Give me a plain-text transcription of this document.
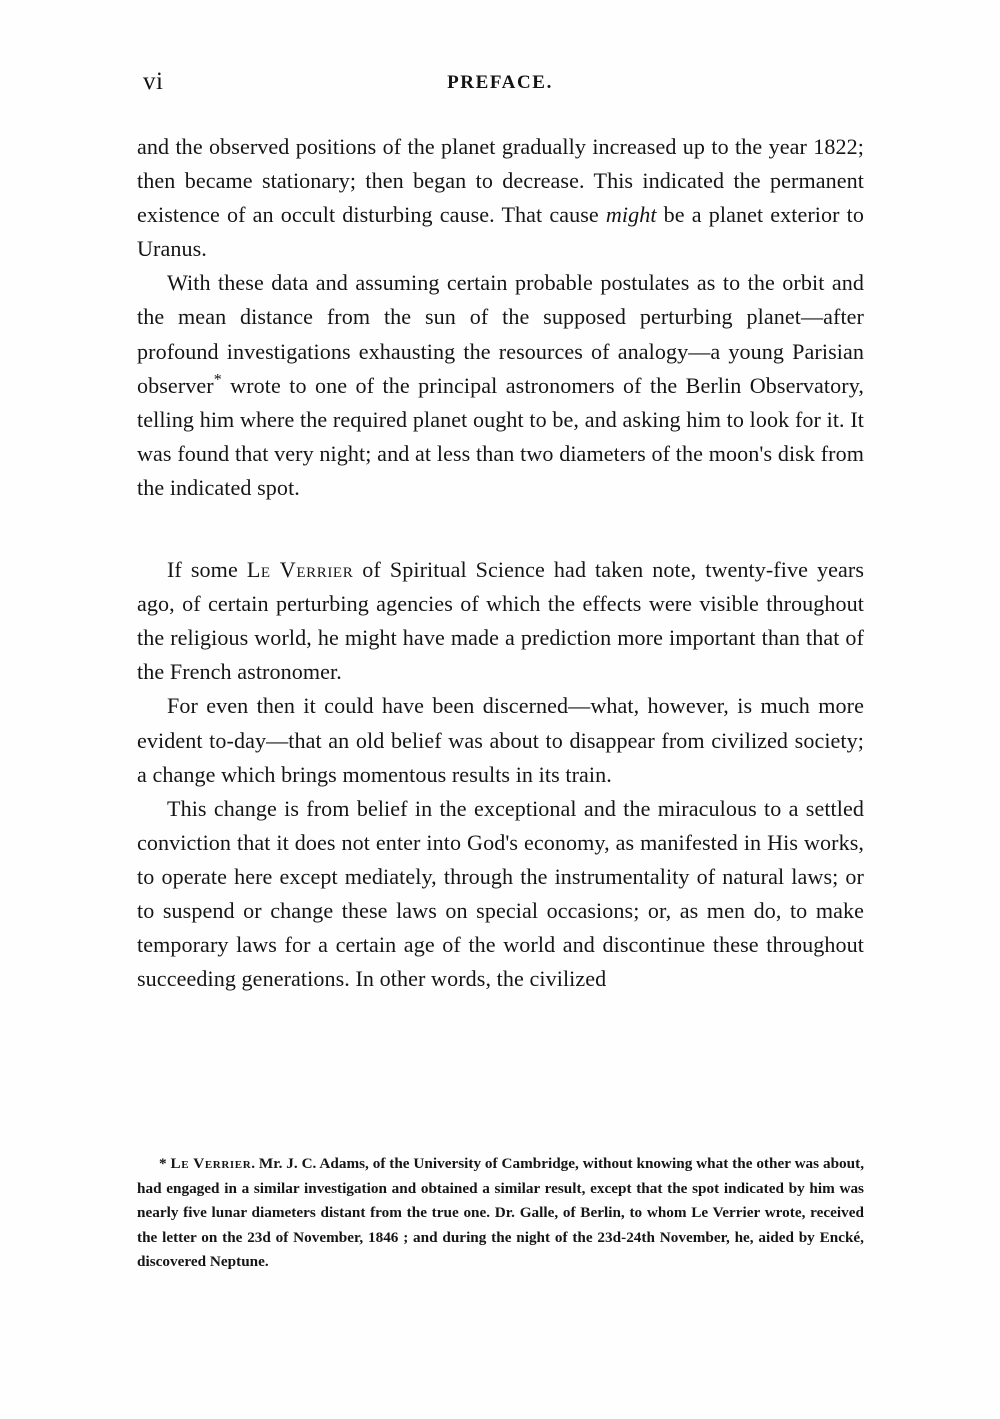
vi	PREFACE.

and the observed positions of the planet gradually increased up to the year 1822; then became stationary; then began to decrease. This indicated the permanent existence of an occult disturbing cause. That cause might be a planet exterior to Uranus.

With these data and assuming certain probable postulates as to the orbit and the mean distance from the sun of the supposed perturbing planet—after profound investigations exhausting the resources of analogy—a young Parisian observer* wrote to one of the principal astronomers of the Berlin Observatory, telling him where the required planet ought to be, and asking him to look for it. It was found that very night; and at less than two diameters of the moon's disk from the indicated spot.

If some Le Verrier of Spiritual Science had taken note, twenty-five years ago, of certain perturbing agencies of which the effects were visible throughout the religious world, he might have made a prediction more important than that of the French astronomer.

For even then it could have been discerned—what, however, is much more evident to-day—that an old belief was about to disappear from civilized society; a change which brings momentous results in its train.

This change is from belief in the exceptional and the miraculous to a settled conviction that it does not enter into God's economy, as manifested in His works, to operate here except mediately, through the instrumentality of natural laws; or to suspend or change these laws on special occasions; or, as men do, to make temporary laws for a certain age of the world and discontinue these throughout succeeding generations. In other words, the civilized

* Le Verrier. Mr. J. C. Adams, of the University of Cambridge, without knowing what the other was about, had engaged in a similar investigation and obtained a similar result, except that the spot indicated by him was nearly five lunar diameters distant from the true one. Dr. Galle, of Berlin, to whom Le Verrier wrote, received the letter on the 23d of November, 1846 ; and during the night of the 23d-24th November, he, aided by Encké, discovered Neptune.
